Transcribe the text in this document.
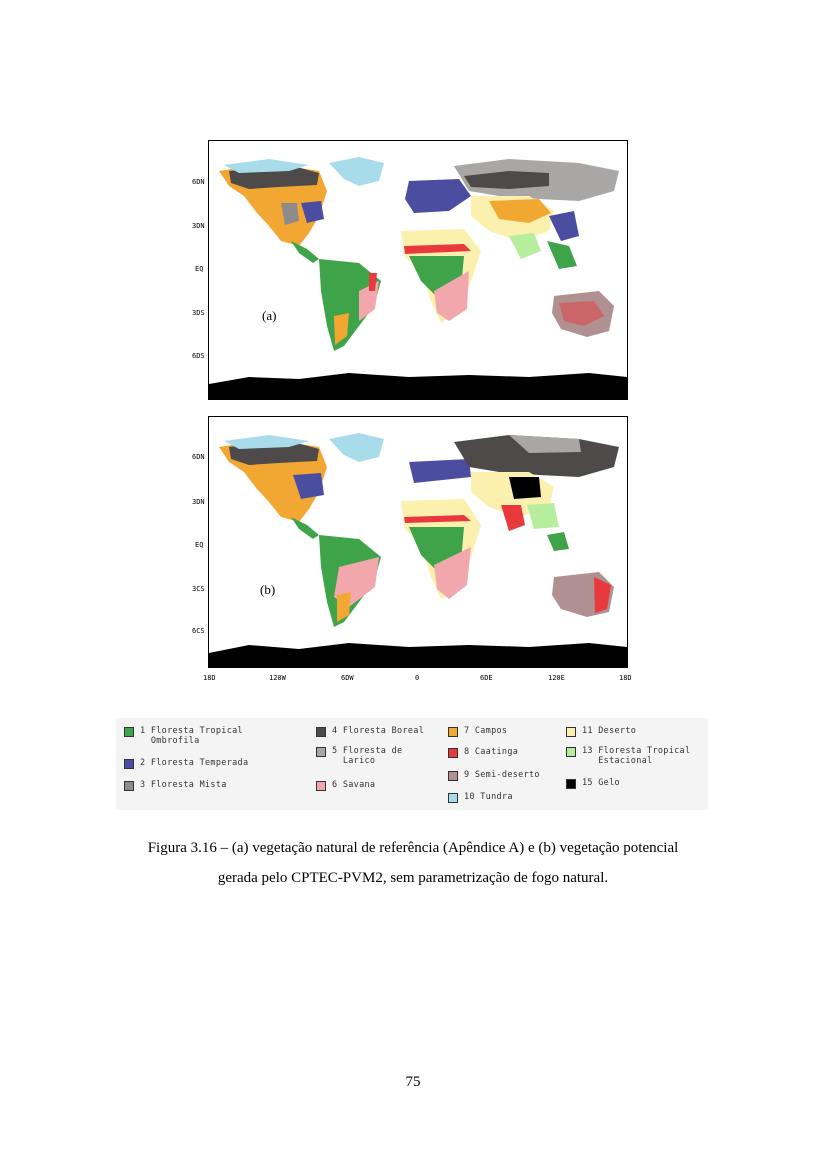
6DN
3DN
EQ
3DS
6DS
(a)
6DN
3DN
EQ
3CS
6CS
(b)
18D	120W	6DW	0	6DE	120E	18D
1
Floresta Tropical
Ombrofila
2
Floresta Temperada
3
Floresta Mista
4
Floresta Boreal
5
Floresta de
Larico
6
Savana
7
Campos
8
Caatinga
9
Semi-deserto
10
Tundra
11
Deserto
13
Floresta Tropical
Estacional
15
Gelo
Figura 3.16 – (a) vegetação natural de referência (Apêndice A) e (b) vegetação potencial
gerada pelo CPTEC-PVM2, sem parametrização de fogo natural.
75
